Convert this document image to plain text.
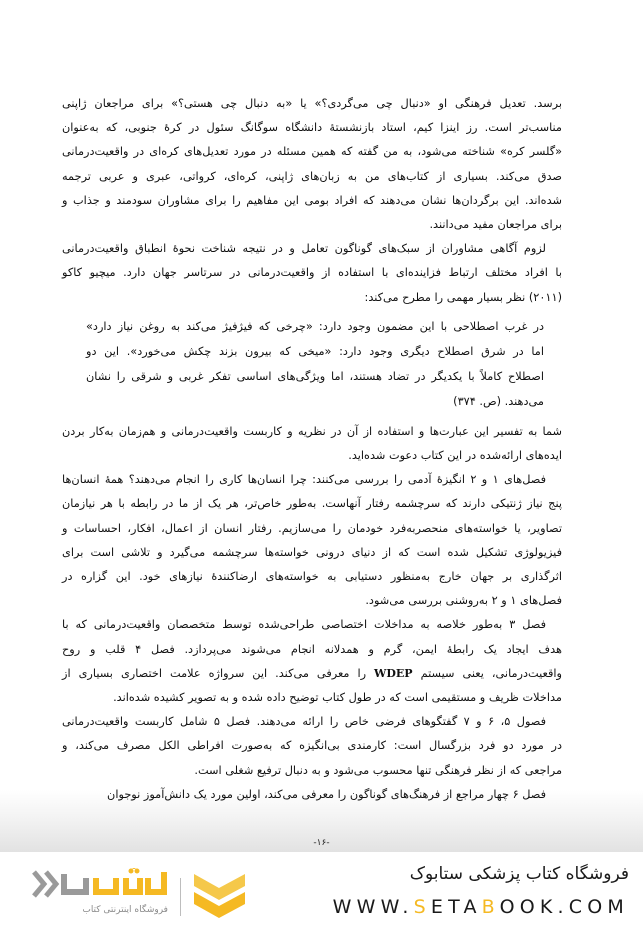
برسد. تعدیل فرهنگی او «دنبال چی می‌گردی؟» یا «به دنبال چی هستی؟» برای مراجعان ژاپنی
مناسب‌تر است. رز اینزا کیم، استاد بازنشستهٔ دانشگاه سوگانگ سئول در کرهٔ جنوبی، که به‌عنوان
«گلسر کره» شناخته می‌شود، به من گفته که همین مسئله در مورد تعدیل‌های کره‌ای در واقعیت‌درمانی
صدق می‌کند. بسیاری از کتاب‌های من به زبان‌های ژاپنی، کره‌ای، کرواتی، عبری و عربی ترجمه
شده‌اند. این برگردان‌ها نشان می‌دهند که افراد بومی این مفاهیم را برای مشاوران سودمند و جذاب و
برای مراجعان مفید می‌دانند.

لزوم آگاهی مشاوران از سبک‌های گوناگون تعامل و در نتیجه شناخت نحوهٔ انطباق واقعیت‌درمانی
با افراد مختلف ارتباط فزاینده‌ای با استفاده از واقعیت‌درمانی در سرتاسر جهان دارد. میچیو کاکو
(۲۰۱۱) نظر بسیار مهمی را مطرح می‌کند:

در غرب اصطلاحی با این مضمون وجود دارد: «چرخی که فیژفیژ می‌کند به روغن نیاز دارد»
اما در شرق اصطلاح دیگری وجود دارد: «میخی که بیرون بزند چکش می‌خورد». این دو
اصطلاح کاملاً با یکدیگر در تضاد هستند، اما ویژگی‌های اساسی تفکر غربی و شرقی را نشان
می‌دهند. (ص. ۳۷۴)

شما به تفسیر این عبارت‌ها و استفاده از آن در نظریه و کاربست واقعیت‌درمانی و هم‌زمان به‌کار بردن
ایده‌های ارائه‌شده در این کتاب دعوت شده‌اید.

فصل‌های ۱ و ۲ انگیزهٔ آدمی را بررسی می‌کنند: چرا انسان‌ها کاری را انجام می‌دهند؟ همهٔ انسان‌ها
پنج نیاز ژنتیکی دارند که سرچشمه رفتار آنهاست. به‌طور خاص‌تر، هر یک از ما در رابطه با هر نیازمان
تصاویر، یا خواسته‌های منحصربه‌فرد خودمان را می‌سازیم. رفتار انسان از اعمال، افکار، احساسات و
فیزیولوژی تشکیل شده است که از دنیای درونی خواسته‌ها سرچشمه می‌گیرد و تلاشی است برای
اثرگذاری بر جهان خارج به‌منظور دستیابی به خواسته‌های ارضاکنندهٔ نیازهای خود. این گزاره در
فصل‌های ۱ و ۲ به‌روشنی بررسی می‌شود.

فصل ۳ به‌طور خلاصه به مداخلات اختصاصی طراحی‌شده توسط متخصصان واقعیت‌درمانی که با
هدف ایجاد یک رابطهٔ ایمن، گرم و همدلانه انجام می‌شوند می‌پردازد. فصل ۴ قلب و روح
واقعیت‌درمانی، یعنی سیستم WDEP را معرفی می‌کند. این سرواژه علامت اختصاری بسیاری از
مداخلات ظریف و مستقیمی است که در طول کتاب توضیح داده شده و به تصویر کشیده شده‌اند.

فصول ۵، ۶ و ۷ گفتگوهای فرضی خاص را ارائه می‌دهند. فصل ۵ شامل کاربست واقعیت‌درمانی
در مورد دو فرد بزرگسال است: کارمندی بی‌انگیزه که به‌صورت افراطی الکل مصرف می‌کند، و
مراجعی که از نظر فرهنگی تنها محسوب می‌شود و به دنبال ترفیع شغلی است.

فصل ۶ چهار مراجع از فرهنگ‌های گوناگون را معرفی می‌کند، اولین مورد یک دانش‌آموز نوجوان

-۱۶-
فروشگاه اینترنتی کتاب
فروشگاه کتاب پزشکی ستابوک
WWW.SETABOOK.COM
